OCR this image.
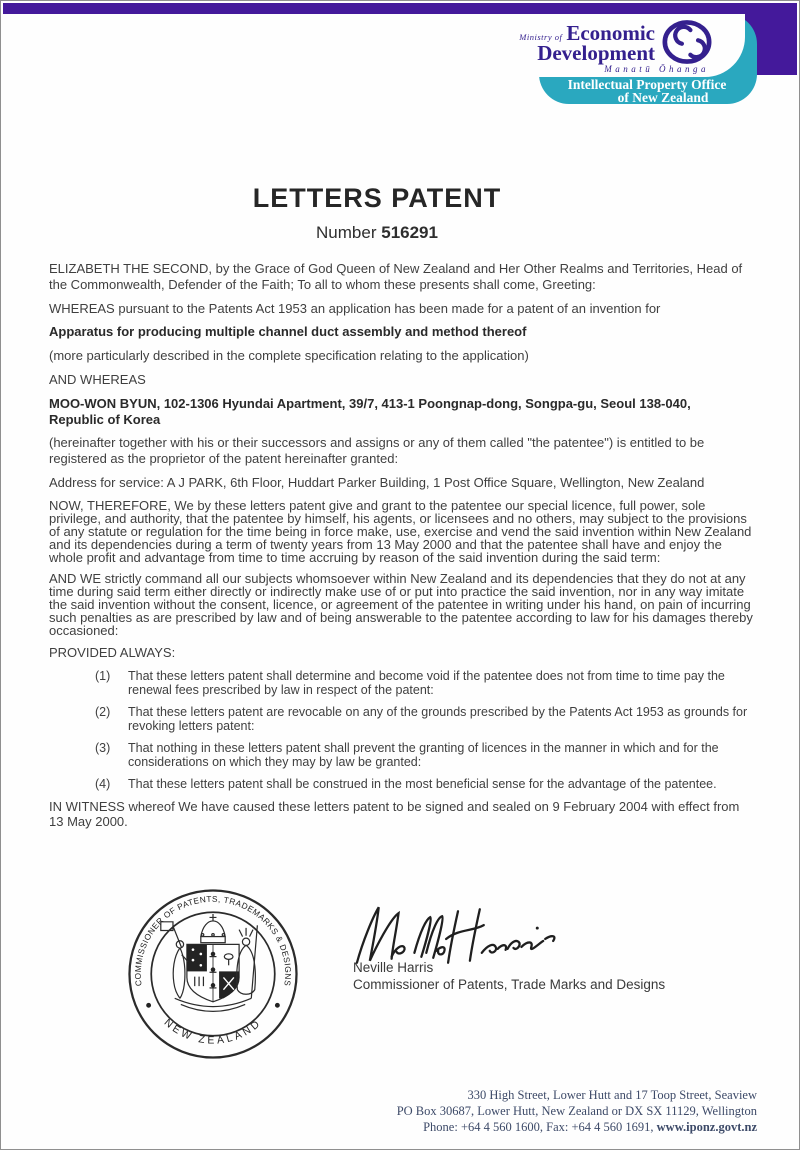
Ministry of Economic
Development
Manatū Ōhanga
Intellectual Property Office
of New Zealand
LETTERS PATENT
Number 516291

ELIZABETH THE SECOND, by the Grace of God Queen of New Zealand and Her Other Realms and Territories, Head of the Commonwealth, Defender of the Faith; To all to whom these presents shall come, Greeting:

WHEREAS pursuant to the Patents Act 1953 an application has been made for a patent of an invention for

Apparatus for producing multiple channel duct assembly and method thereof

(more particularly described in the complete specification relating to the application)

AND WHEREAS

MOO-WON BYUN, 102-1306 Hyundai Apartment, 39/7, 413-1 Poongnap-dong, Songpa-gu, Seoul 138-040,
Republic of Korea

(hereinafter together with his or their successors and assigns or any of them called "the patentee") is entitled to be registered as the proprietor of the patent hereinafter granted:

Address for service: A J PARK, 6th Floor, Huddart Parker Building, 1 Post Office Square, Wellington, New Zealand

NOW, THEREFORE, We by these letters patent give and grant to the patentee our special licence, full power, sole privilege, and authority, that the patentee by himself, his agents, or licensees and no others, may subject to the provisions of any statute or regulation for the time being in force make, use, exercise and vend the said invention within New Zealand and its dependencies during a term of twenty years from 13 May 2000 and that the patentee shall have and enjoy the whole profit and advantage from time to time accruing by reason of the said invention during the said term:

AND WE strictly command all our subjects whomsoever within New Zealand and its dependencies that they do not at any time during said term either directly or indirectly make use of or put into practice the said invention, nor in any way imitate the said invention without the consent, licence, or agreement of the patentee in writing under his hand, on pain of incurring such penalties as are prescribed by law and of being answerable to the patentee according to law for his damages thereby occasioned:

PROVIDED ALWAYS:

(1)	That these letters patent shall determine and become void if the patentee does not from time to time pay the renewal fees prescribed by law in respect of the patent:
(2)	That these letters patent are revocable on any of the grounds prescribed by the Patents Act 1953 as grounds for revoking letters patent:
(3)	That nothing in these letters patent shall prevent the granting of licences in the manner in which and for the considerations on which they may by law be granted:
(4)	That these letters patent shall be construed in the most beneficial sense for the advantage of the patentee.

IN WITNESS whereof We have caused these letters patent to be signed and sealed on 9 February 2004 with effect from 13 May 2000.

COMMISSIONER OF PATENTS, TRADEMARKS & DESIGNS
NEW ZEALAND
Neville Harris
Commissioner of Patents, Trade Marks and Designs
330 High Street, Lower Hutt and 17 Toop Street, Seaview
PO Box 30687, Lower Hutt, New Zealand or DX SX 11129, Wellington
Phone: +64 4 560 1600, Fax: +64 4 560 1691, www.iponz.govt.nz
